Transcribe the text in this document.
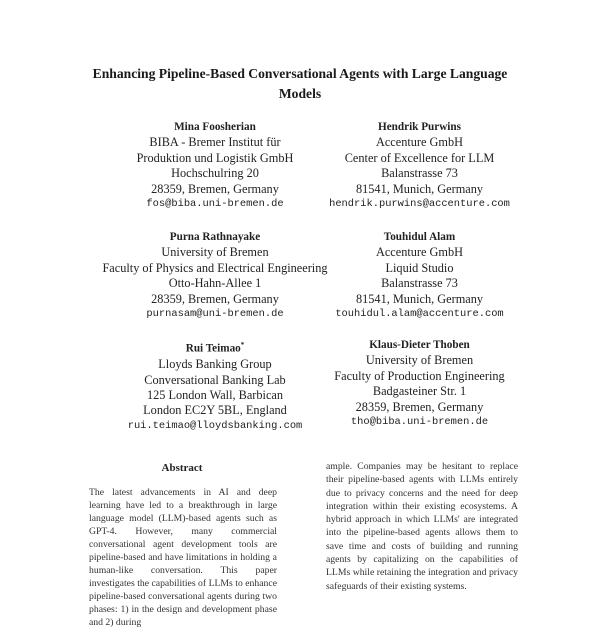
Enhancing Pipeline-Based Conversational Agents with Large Language
Models
Mina Foosherian
BIBA - Bremer Institut für
Produktion und Logistik GmbH
Hochschulring 20
28359, Bremen, Germany
fos@biba.uni-bremen.de
Hendrik Purwins
Accenture GmbH
Center of Excellence for LLM
Balanstrasse 73
81541, Munich, Germany
hendrik.purwins@accenture.com
Purna Rathnayake
University of Bremen
Faculty of Physics and Electrical Engineering
Otto-Hahn-Allee 1
28359, Bremen, Germany
purnasam@uni-bremen.de
Touhidul Alam
Accenture GmbH
Liquid Studio
Balanstrasse 73
81541, Munich, Germany
touhidul.alam@accenture.com
Rui Teimao*
Lloyds Banking Group
Conversational Banking Lab
125 London Wall, Barbican
London EC2Y 5BL, England
rui.teimao@lloydsbanking.com
Klaus-Dieter Thoben
University of Bremen
Faculty of Production Engineering
Badgasteiner Str. 1
28359, Bremen, Germany
tho@biba.uni-bremen.de
Abstract
The latest advancements in AI and deep learning have led to a breakthrough in large language model (LLM)-based agents such as GPT-4. However, many commercial conversational agent development tools are pipeline-based and have limitations in holding a human-like conversation. This paper investigates the capabilities of LLMs to enhance pipeline-based conversational agents during two phases: 1) in the design and development phase and 2) during
ample. Companies may be hesitant to replace their pipeline-based agents with LLMs entirely due to privacy concerns and the need for deep integration within their existing ecosystems. A hybrid approach in which LLMs' are integrated into the pipeline-based agents allows them to save time and costs of building and running agents by capitalizing on the capabilities of LLMs while retaining the integration and privacy safeguards of their existing systems.
